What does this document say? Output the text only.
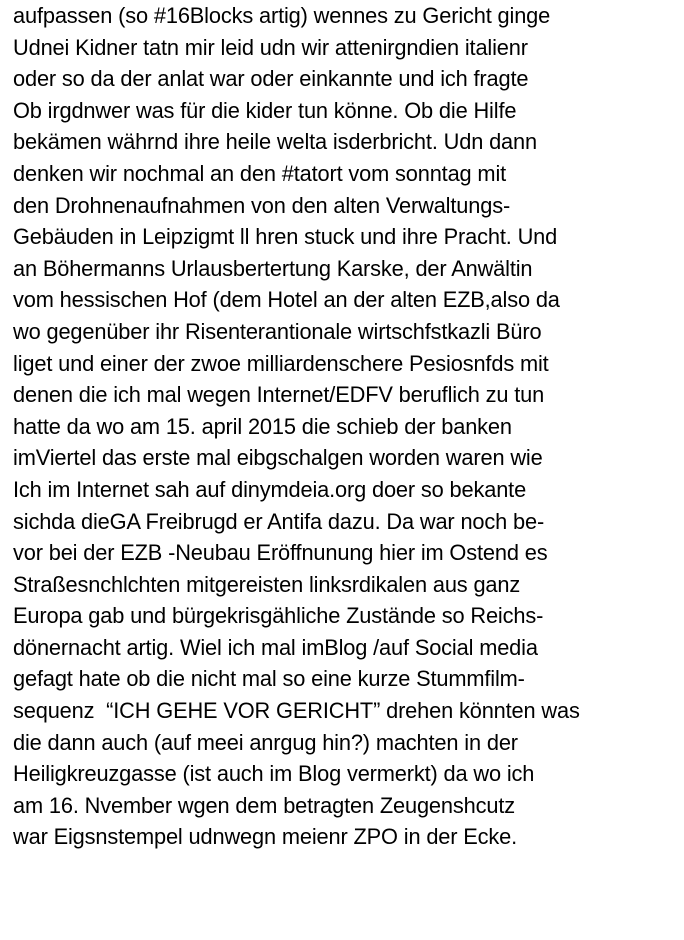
aufpassen (so #16Blocks artig) wennes zu Gericht ginge
Udnei Kidner tatn mir leid udn wir attenirgndien italienr
oder so da der anlat war oder einkannte und ich fragte
Ob irgdnwer was für die kider tun könne. Ob die Hilfe
bekämen währnd ihre heile welta isderbricht. Udn dann
denken wir nochmal an den #tatort vom sonntag mit
den Drohnenaufnahmen von den alten Verwaltungs-
Gebäuden in Leipzigmt ll hren stuck und ihre Pracht. Und
an Böhermanns Urlausbertertung Karske, der Anwältin
vom hessischen Hof (dem Hotel an der alten EZB,also da
wo gegenüber ihr Risenterantionale wirtschfstkazli Büro
liget und einer der zwoe milliardenschere Pesiosnfds mit
denen die ich mal wegen Internet/EDFV beruflich zu tun
hatte da wo am 15. april 2015 die schieb der banken
imViertel das erste mal eibgschalgen worden waren wie
Ich im Internet sah auf dinymdeia.org doer so bekante
sichda dieGA Freibrugd er Antifa dazu. Da war noch be-
vor bei der EZB -Neubau Eröffnunung hier im Ostend es
Straßesnchlchten mitgereisten linksrdikalen aus ganz
Europa gab und bürgekrisgähliche Zustände so Reichs-
dönernacht artig. Wiel ich mal imBlog /auf Social media
gefagt hate ob die nicht mal so eine kurze Stummfilm-
sequenz  “ICH GEHE VOR GERICHT” drehen könnten was
die dann auch (auf meei anrgug hin?) machten in der
Heiligkreuzgasse (ist auch im Blog vermerkt) da wo ich
am 16. Nvember wgen dem betragten Zeugenshcutz
war Eigsnstempel udnwegn meienr ZPO in der Ecke.
